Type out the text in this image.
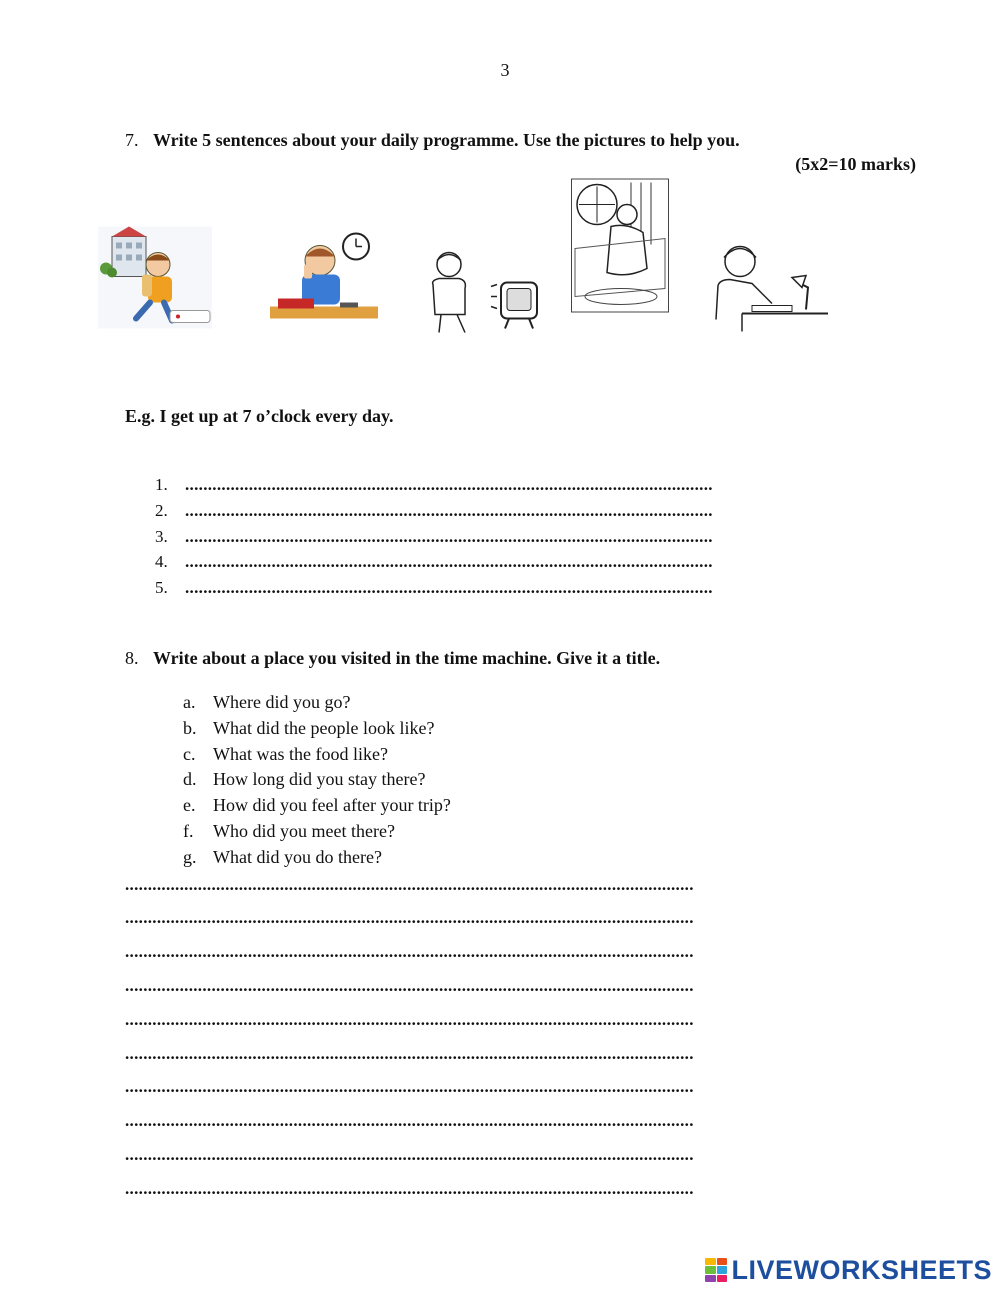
3
7. Write 5 sentences about your daily programme. Use the pictures to help you.
(5x2=10 marks)
E.g. I get up at 7 o’clock every day.
1. ....................................................................................................................
2. ....................................................................................................................
3. ....................................................................................................................
4. ....................................................................................................................
5. ....................................................................................................................
8. Write about a place you visited in the time machine. Give it a title.
a. Where did you go?
b. What did the people look like?
c. What was the food like?
d. How long did you stay there?
e. How did you feel after your trip?
f. Who did you meet there?
g. What did you do there?
.............................................................................................................................
.............................................................................................................................
.............................................................................................................................
.............................................................................................................................
.............................................................................................................................
.............................................................................................................................
.............................................................................................................................
.............................................................................................................................
.............................................................................................................................
.............................................................................................................................
LIVEWORKSHEETS
